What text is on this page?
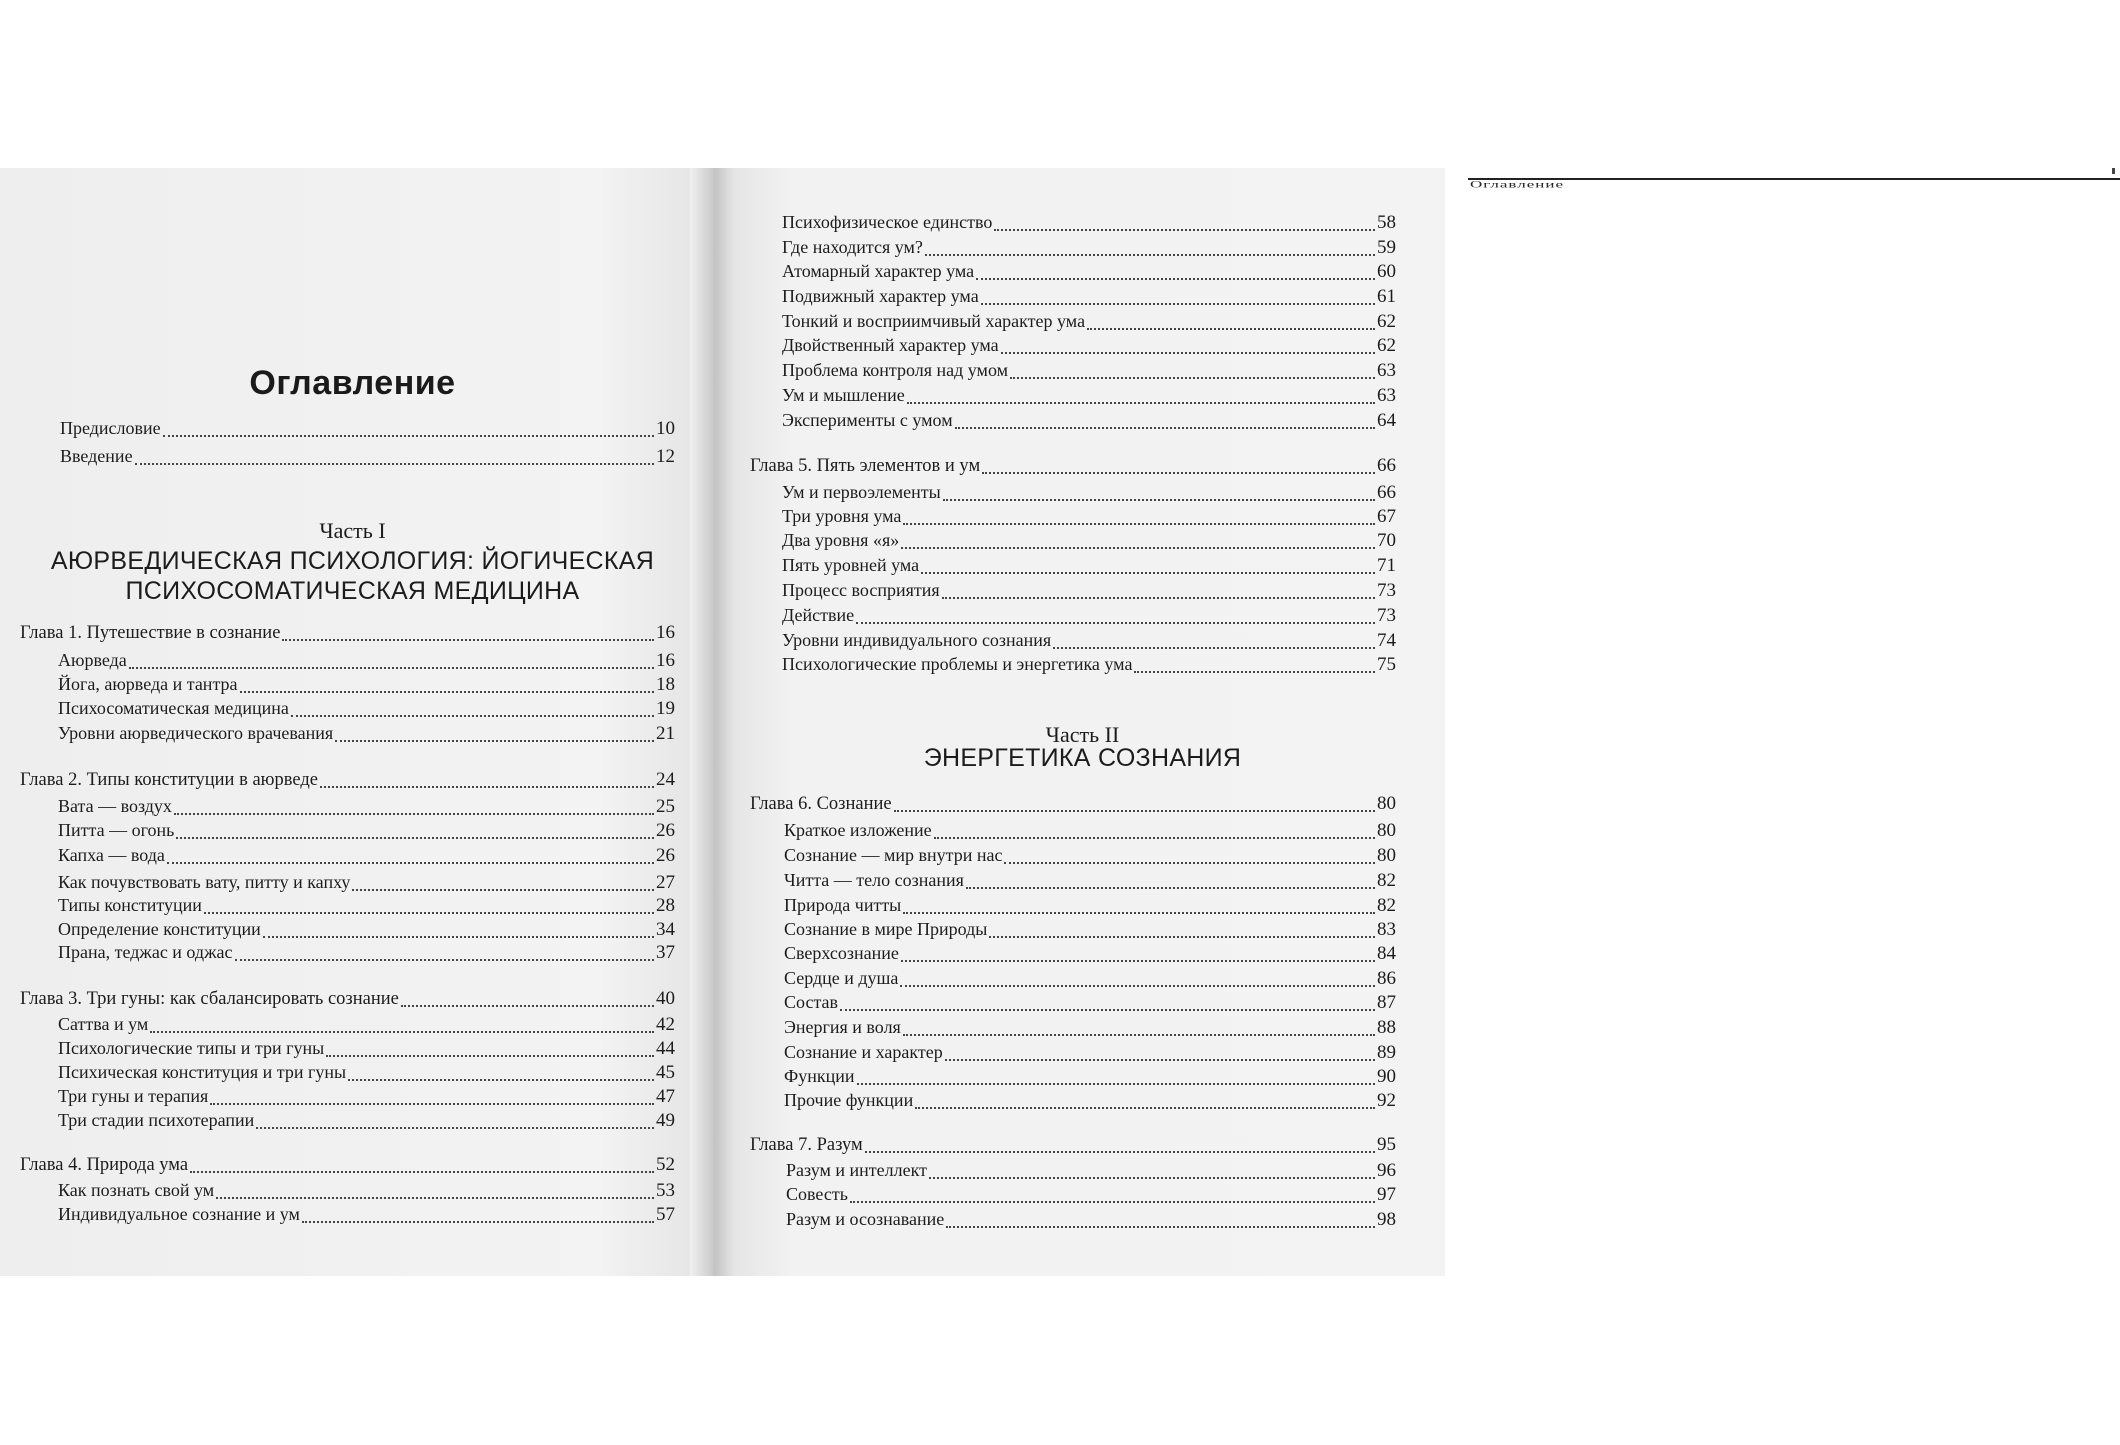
Оглавление
Предисловие	10
Введение	12
Часть I
АЮРВЕДИЧЕСКАЯ ПСИХОЛОГИЯ: ЙОГИЧЕСКАЯ
ПСИХОСОМАТИЧЕСКАЯ МЕДИЦИНА
Глава 1. Путешествие в сознание	16
Аюрведа	16
Йога, аюрведа и тантра	18
Психосоматическая медицина	19
Уровни аюрведического врачевания	21
Глава 2. Типы конституции в аюрведе	24
Вата — воздух	25
Питта — огонь	26
Капха — вода	26
Как почувствовать вату, питту и капху	27
Типы конституции	28
Определение конституции	34
Прана, теджас и оджас	37
Глава 3. Три гуны: как сбалансировать сознание	40
Саттва и ум	42
Психологические типы и три гуны	44
Психическая конституция и три гуны	45
Три гуны и терапия	47
Три стадии психотерапии	49
Глава 4. Природа ума	52
Как познать свой ум	53
Индивидуальное сознание и ум	57
Оглавление
Психофизическое единство	58
Где находится ум?	59
Атомарный характер ума	60
Подвижный характер ума	61
Тонкий и восприимчивый характер ума	62
Двойственный характер ума	62
Проблема контроля над умом	63
Ум и мышление	63
Эксперименты с умом	64
Глава 5. Пять элементов и ум	66
Ум и первоэлементы	66
Три уровня ума	67
Два уровня «я»	70
Пять уровней ума	71
Процесс восприятия	73
Действие	73
Уровни индивидуального сознания	74
Психологические проблемы и энергетика ума	75
Часть II
ЭНЕРГЕТИКА СОЗНАНИЯ
Глава 6. Сознание	80
Краткое изложение	80
Сознание — мир внутри нас	80
Читта — тело сознания	82
Природа читты	82
Сознание в мире Природы	83
Сверхсознание	84
Сердце и душа	86
Состав	87
Энергия и воля	88
Сознание и характер	89
Функции	90
Прочие функции	92
Глава 7. Разум	95
Разум и интеллект	96
Совесть	97
Разум и осознавание	98
